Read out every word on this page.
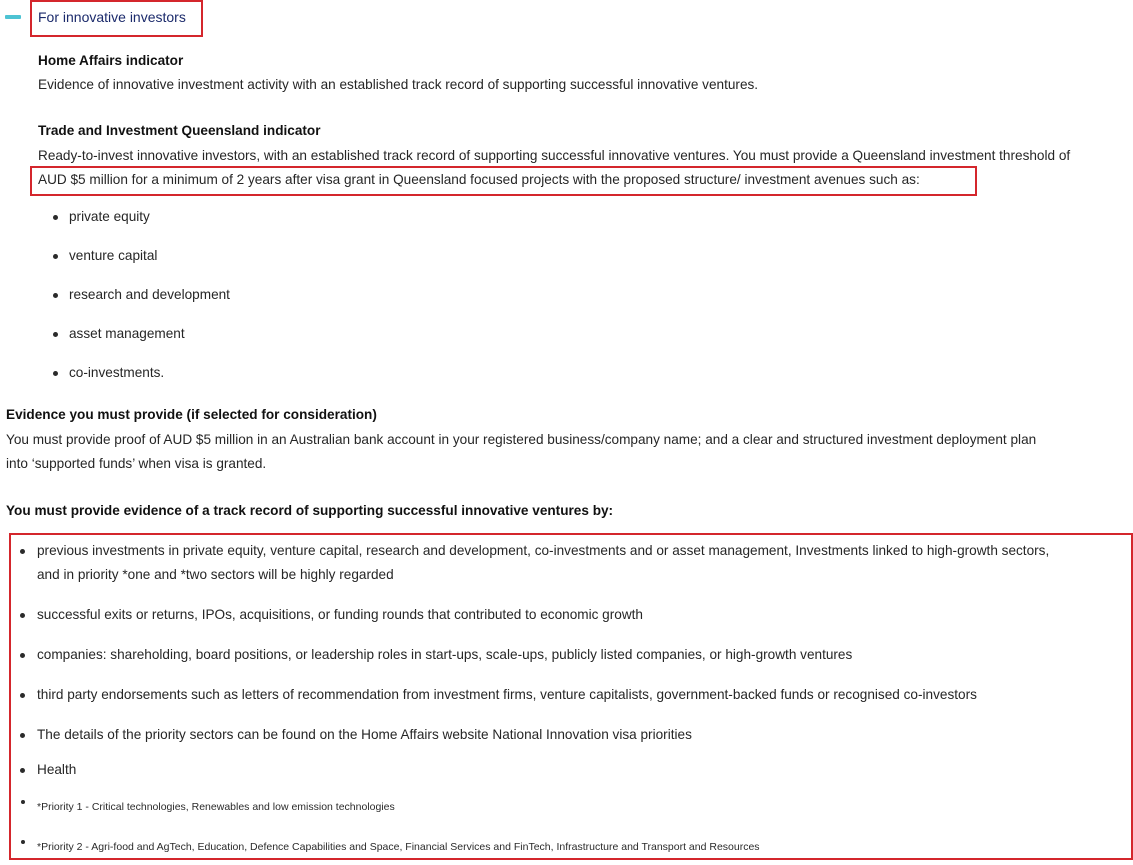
For innovative investors
Home Affairs indicator
Evidence of innovative investment activity with an established track record of supporting successful innovative ventures.
Trade and Investment Queensland indicator
Ready-to-invest innovative investors, with an established track record of supporting successful innovative ventures. You must provide a Queensland investment threshold of
AUD $5 million for a minimum of 2 years after visa grant in Queensland focused projects with the proposed structure/ investment avenues such as:
private equity
venture capital
research and development
asset management
co-investments.
Evidence you must provide (if selected for consideration)
You must provide proof of AUD $5 million in an Australian bank account in your registered business/company name; and a clear and structured investment deployment plan
into ‘supported funds’ when visa is granted.
You must provide evidence of a track record of supporting successful innovative ventures by:
previous investments in private equity, venture capital, research and development, co-investments and or asset management, Investments linked to high-growth sectors,
and in priority *one and *two sectors will be highly regarded
successful exits or returns, IPOs, acquisitions, or funding rounds that contributed to economic growth
companies: shareholding, board positions, or leadership roles in start-ups, scale-ups, publicly listed companies, or high-growth ventures
third party endorsements such as letters of recommendation from investment firms, venture capitalists, government-backed funds or recognised co-investors
The details of the priority sectors can be found on the Home Affairs website National Innovation visa priorities
Health
*Priority 1 - Critical technologies, Renewables and low emission technologies
*Priority 2 - Agri-food and AgTech, Education, Defence Capabilities and Space, Financial Services and FinTech, Infrastructure and Transport and Resources
